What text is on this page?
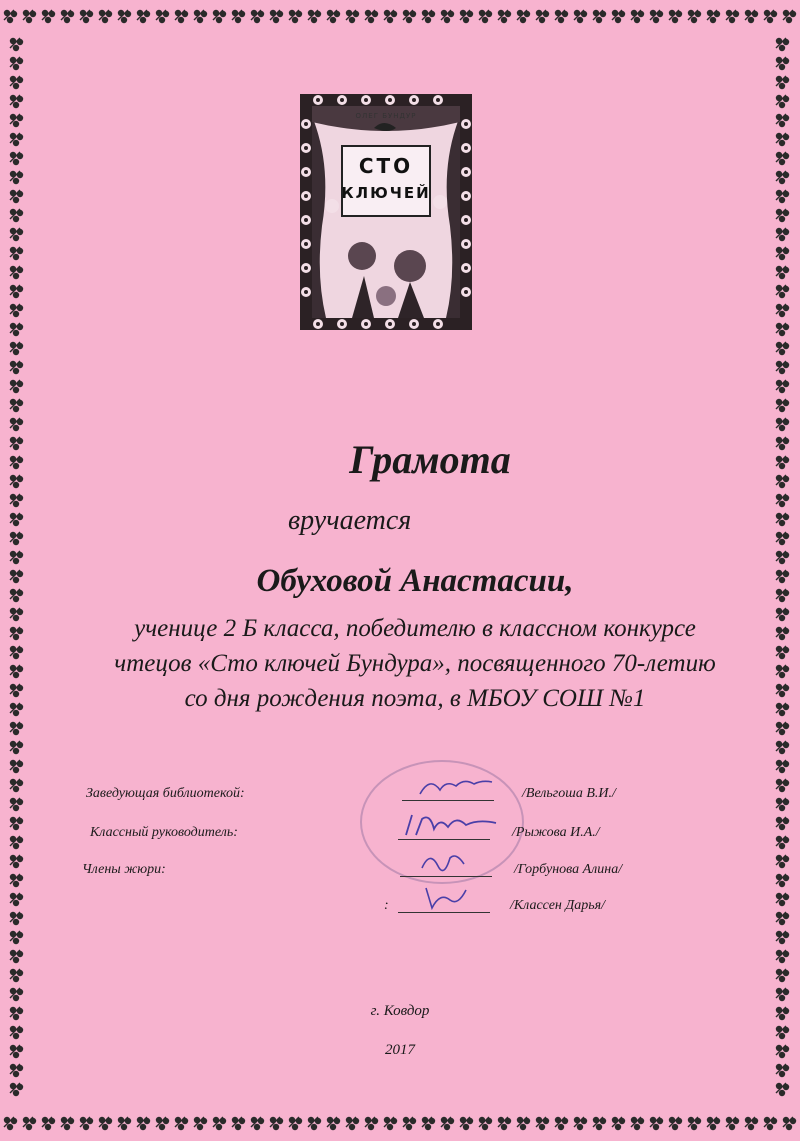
ОЛЕГ БУНДУР
СТО
КЛЮЧЕЙ
Грамота
вручается
Обуховой Анастасии,
ученице 2 Б класса, победителю в классном конкурсе
чтецов «Сто ключей Бундура», посвященного 70-летию
со дня рождения поэта, в МБОУ СОШ №1
Заведующая библиотекой:	/Вельгоша В.И./
Классный руководитель:	/Рыжова И.А./
Члены жюри:	/Горбунова Алина/
:	/Классен Дарья/
г. Ковдор
2017
